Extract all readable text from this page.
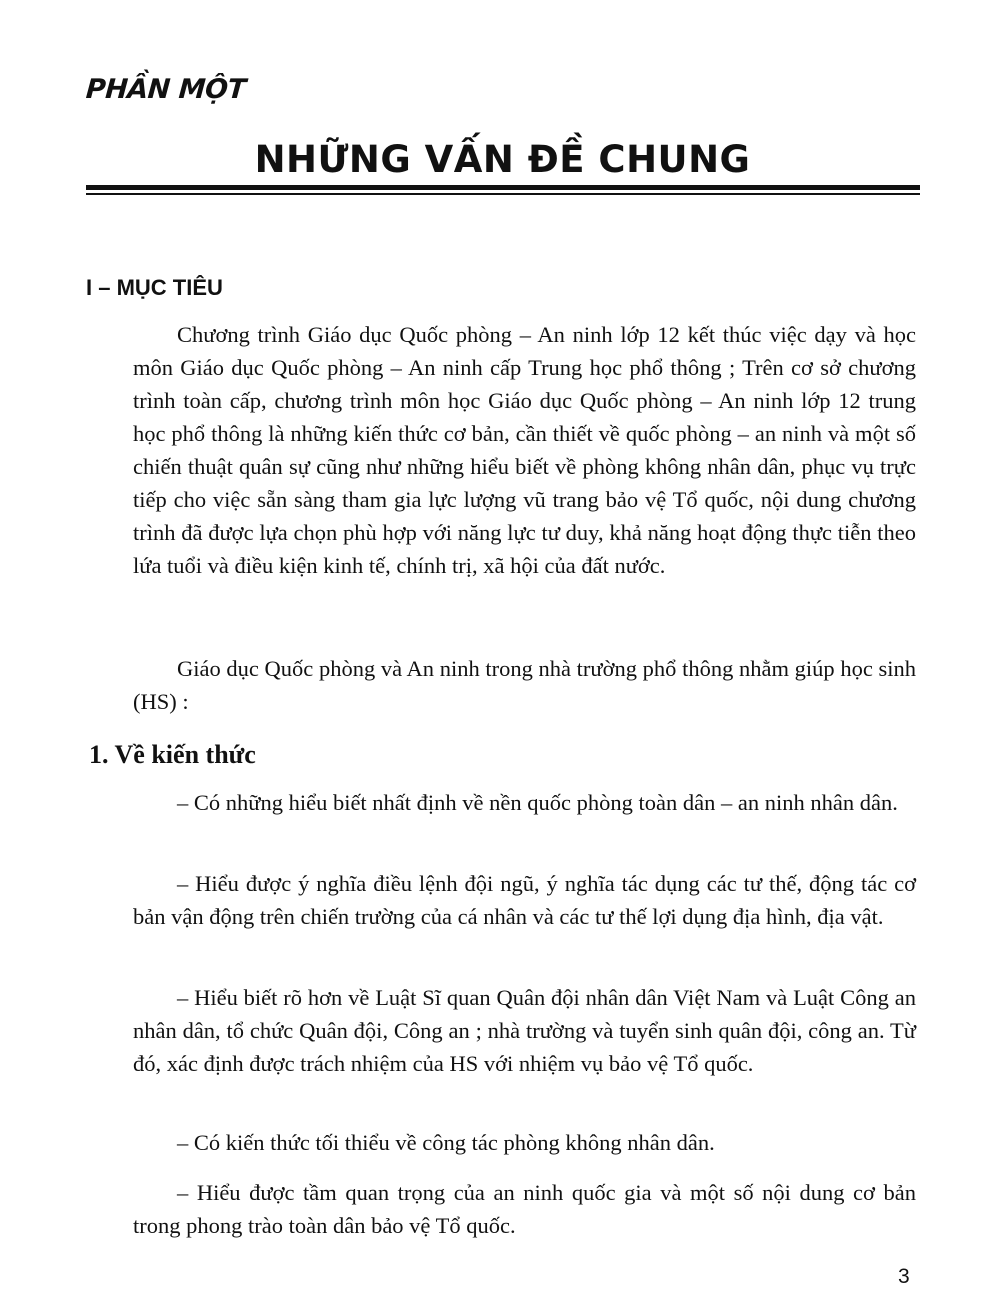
PHẦN MỘT
NHỮNG VẤN ĐỀ CHUNG
I – MỤC TIÊU

Chương trình Giáo dục Quốc phòng – An ninh lớp 12 kết thúc việc dạy và học môn Giáo dục Quốc phòng – An ninh cấp Trung học phổ thông ; Trên cơ sở chương trình toàn cấp, chương trình môn học Giáo dục Quốc phòng – An ninh lớp 12 trung học phổ thông là những kiến thức cơ bản, cần thiết về quốc phòng – an ninh và một số chiến thuật quân sự cũng như những hiểu biết về phòng không nhân dân, phục vụ trực tiếp cho việc sẵn sàng tham gia lực lượng vũ trang bảo vệ Tổ quốc, nội dung chương trình đã được lựa chọn phù hợp với năng lực tư duy, khả năng hoạt động thực tiễn theo lứa tuổi và điều kiện kinh tế, chính trị, xã hội của đất nước.

Giáo dục Quốc phòng và An ninh trong nhà trường phổ thông nhằm giúp học sinh (HS) :

1. Về kiến thức

– Có những hiểu biết nhất định về nền quốc phòng toàn dân – an ninh nhân dân.

– Hiểu được ý nghĩa điều lệnh đội ngũ, ý nghĩa tác dụng các tư thế, động tác cơ bản vận động trên chiến trường của cá nhân và các tư thế lợi dụng địa hình, địa vật.

– Hiểu biết rõ hơn về Luật Sĩ quan Quân đội nhân dân Việt Nam và Luật Công an nhân dân, tổ chức Quân đội, Công an ; nhà trường và tuyển sinh quân đội, công an. Từ đó, xác định được trách nhiệm của HS với nhiệm vụ bảo vệ Tổ quốc.

– Có kiến thức tối thiểu về công tác phòng không nhân dân.

– Hiểu được tầm quan trọng của an ninh quốc gia và một số nội dung cơ bản trong phong trào toàn dân bảo vệ Tổ quốc.

3
